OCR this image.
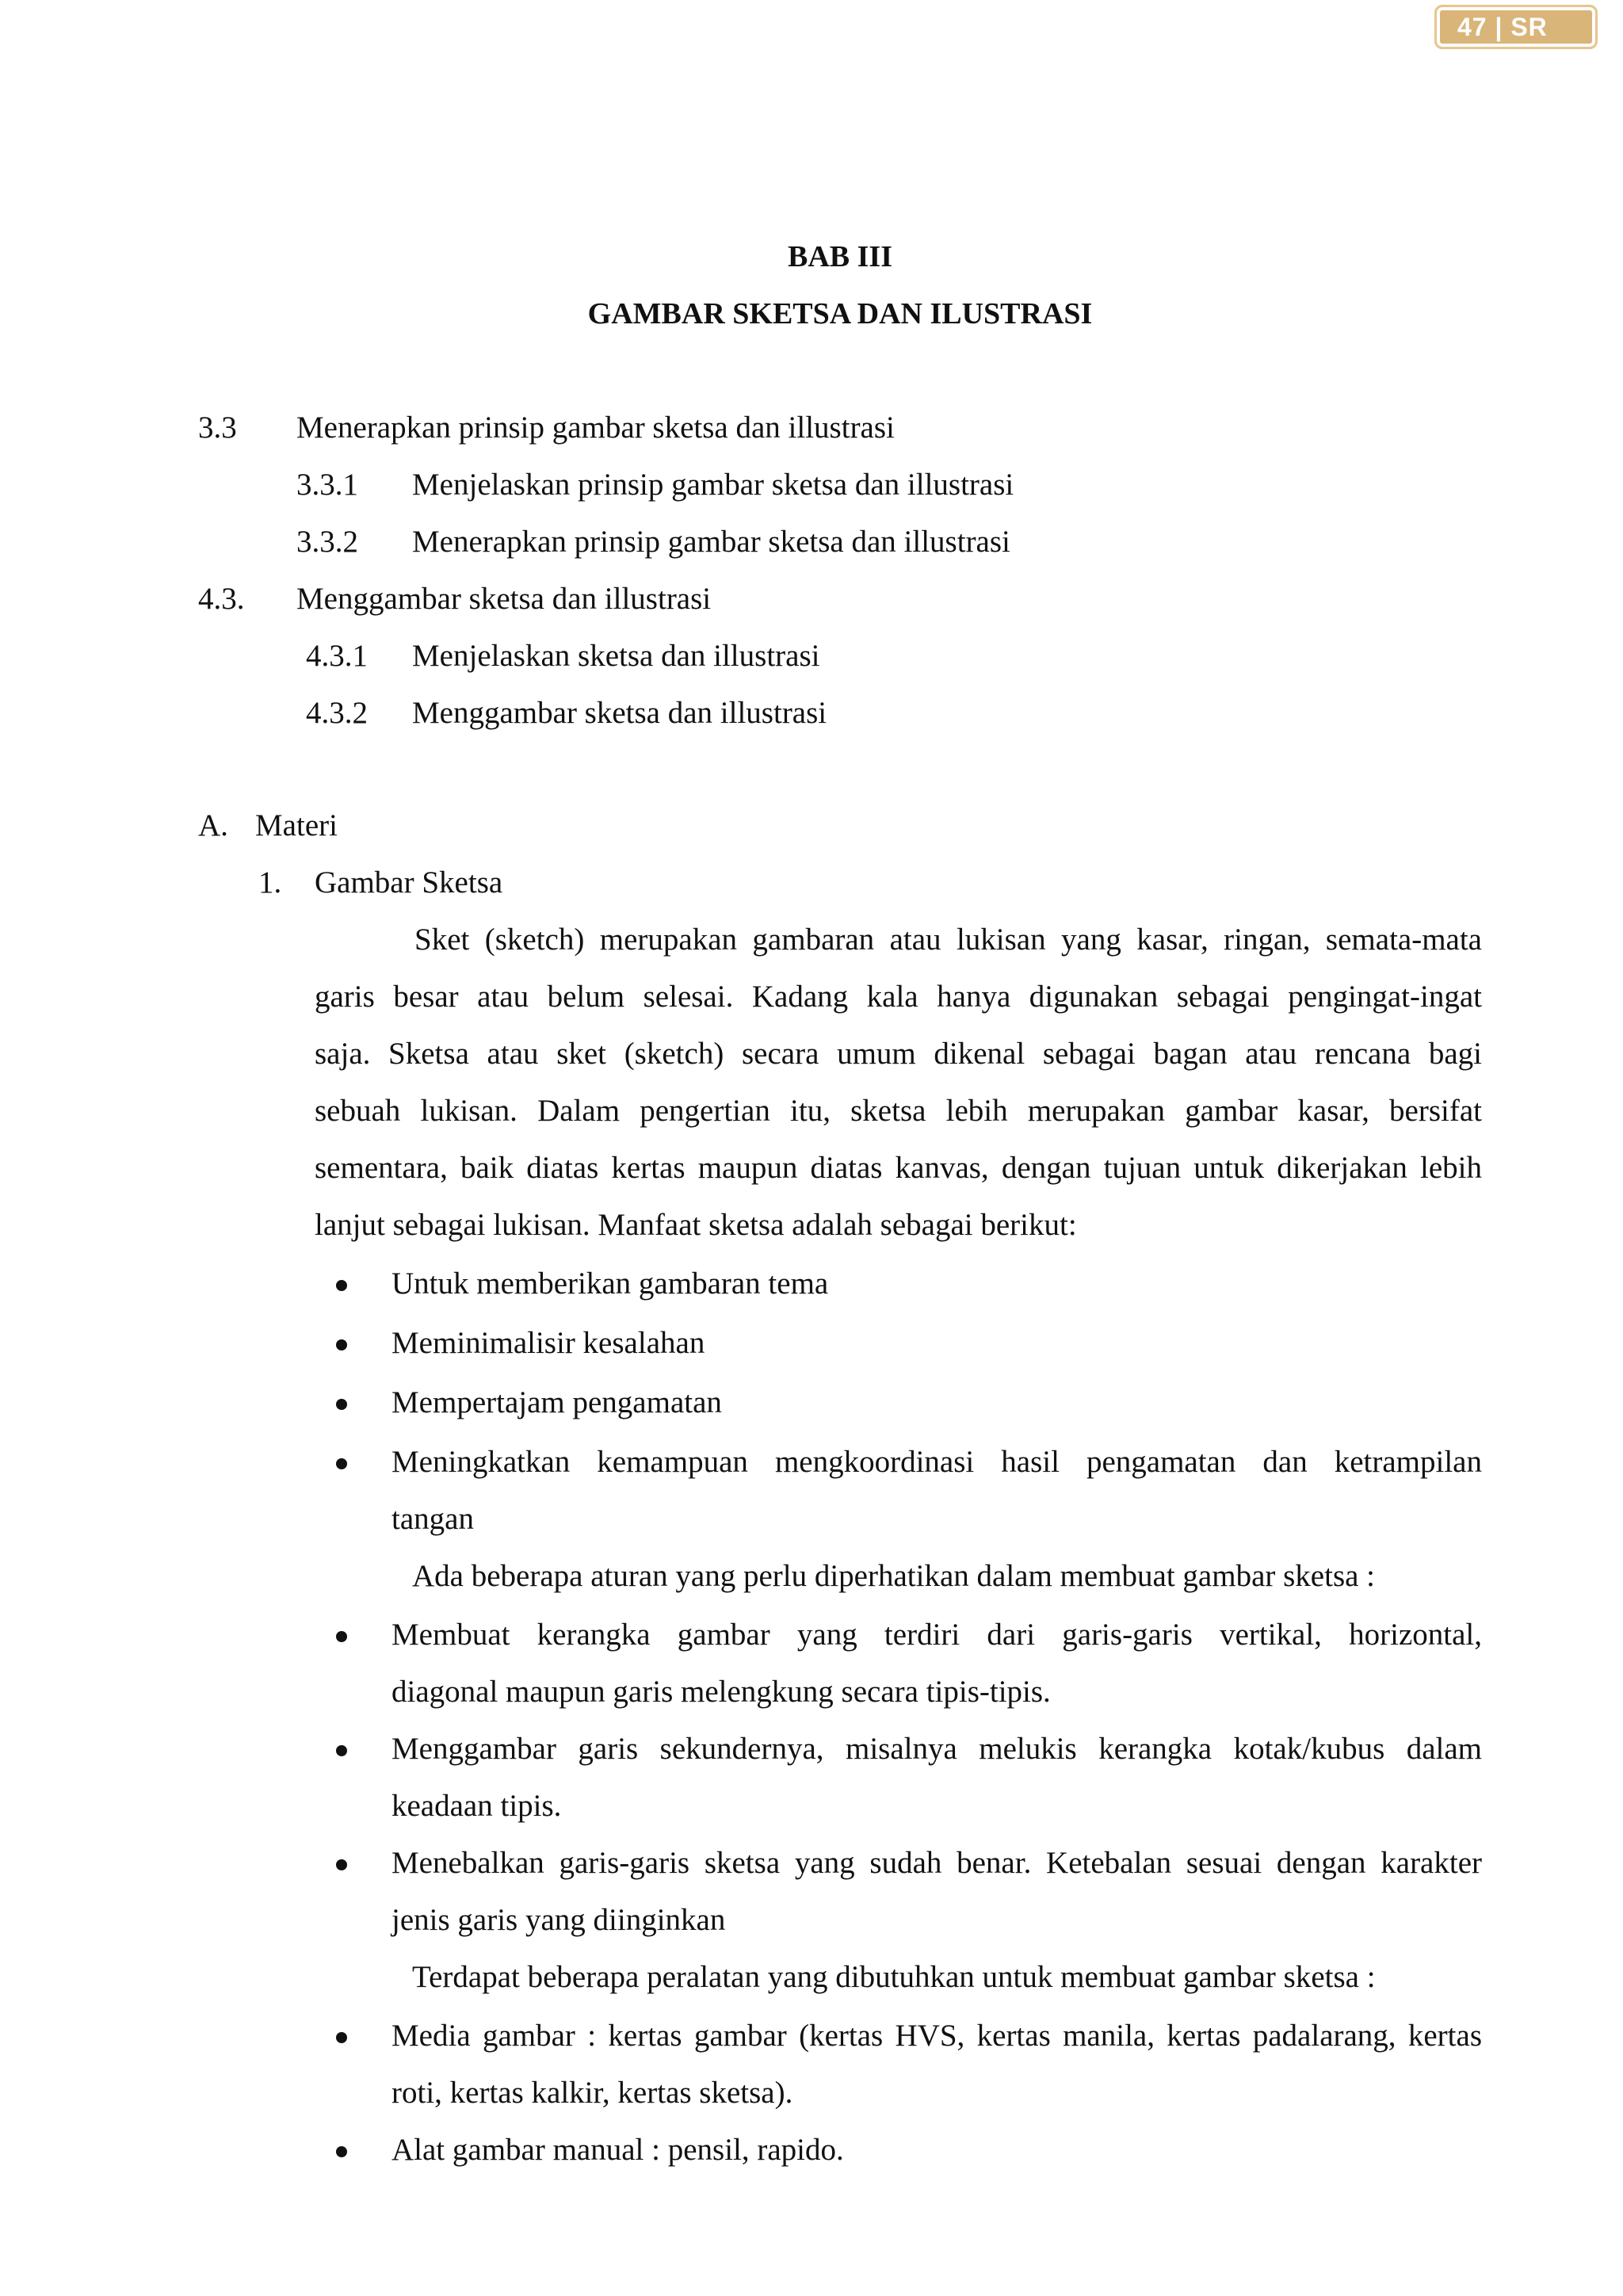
47 | SR
BAB III
GAMBAR SKETSA DAN ILUSTRASI
3.3 Menerapkan prinsip gambar sketsa dan illustrasi
3.3.1 Menjelaskan prinsip gambar sketsa dan illustrasi
3.3.2 Menerapkan prinsip gambar sketsa dan illustrasi
4.3. Menggambar sketsa dan illustrasi
4.3.1 Menjelaskan sketsa dan illustrasi
4.3.2 Menggambar sketsa dan illustrasi
A. Materi
1. Gambar Sketsa
Sket (sketch) merupakan gambaran atau lukisan yang kasar, ringan, semata-mata
garis besar atau belum selesai. Kadang kala hanya digunakan sebagai pengingat-ingat
saja. Sketsa atau sket (sketch) secara umum dikenal sebagai bagan atau rencana bagi
sebuah lukisan. Dalam pengertian itu, sketsa lebih merupakan gambar kasar, bersifat
sementara, baik diatas kertas maupun diatas kanvas, dengan tujuan untuk dikerjakan lebih
lanjut sebagai lukisan. Manfaat sketsa adalah sebagai berikut:
Untuk memberikan gambaran tema
Meminimalisir kesalahan
Mempertajam pengamatan
Meningkatkan kemampuan mengkoordinasi hasil pengamatan dan ketrampilan
tangan
Ada beberapa aturan yang perlu diperhatikan dalam membuat gambar sketsa :
Membuat kerangka gambar yang terdiri dari garis-garis vertikal, horizontal,
diagonal maupun garis melengkung secara tipis-tipis.
Menggambar garis sekundernya, misalnya melukis kerangka kotak/kubus dalam
keadaan tipis.
Menebalkan garis-garis sketsa yang sudah benar. Ketebalan sesuai dengan karakter
jenis garis yang diinginkan
Terdapat beberapa peralatan yang dibutuhkan untuk membuat gambar sketsa :
Media gambar : kertas gambar (kertas HVS, kertas manila, kertas padalarang, kertas
roti, kertas kalkir, kertas sketsa).
Alat gambar manual : pensil, rapido.
